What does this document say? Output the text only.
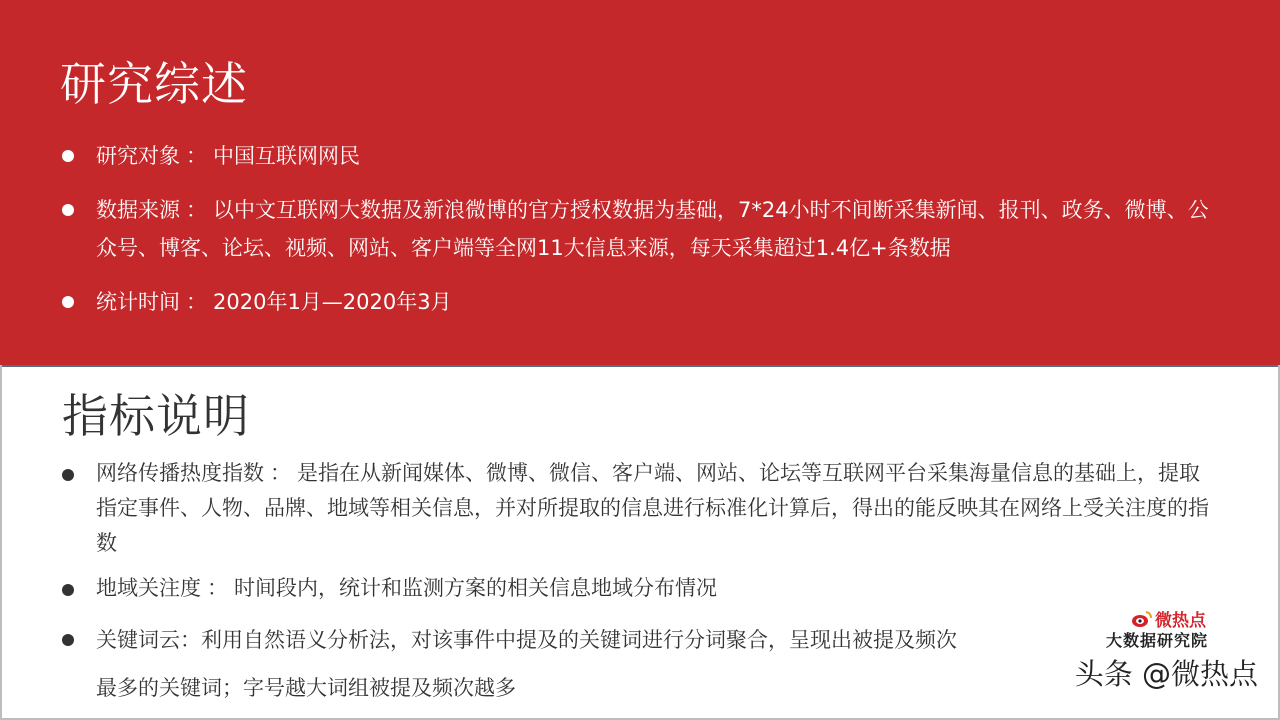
研究综述
研究对象 ： 中国互联网网民
数据来源 ： 以中文互联网大数据及新浪微博的官方授权数据为基础，7*24小时不间断采集新闻、报刊、政务、微博、公众号、博客、论坛、视频、网站、客户端等全网11大信息来源，每天采集超过1.4亿+条数据
统计时间 ： 2020年1月—2020年3月
指标说明
网络传播热度指数 ： 是指在从新闻媒体、微博、微信、客户端、网站、论坛等互联网平台采集海量信息的基础上，提取指定事件、人物、品牌、地域等相关信息，并对所提取的信息进行标准化计算后，得出的能反映其在网络上受关注度的指数
地域关注度 ： 时间段内，统计和监测方案的相关信息地域分布情况
关键词云：利用自然语义分析法，对该事件中提及的关键词进行分词聚合，呈现出被提及频次
最多的关键词；字号越大词组被提及频次越多
微热点
大数据研究院
头条 @微热点
